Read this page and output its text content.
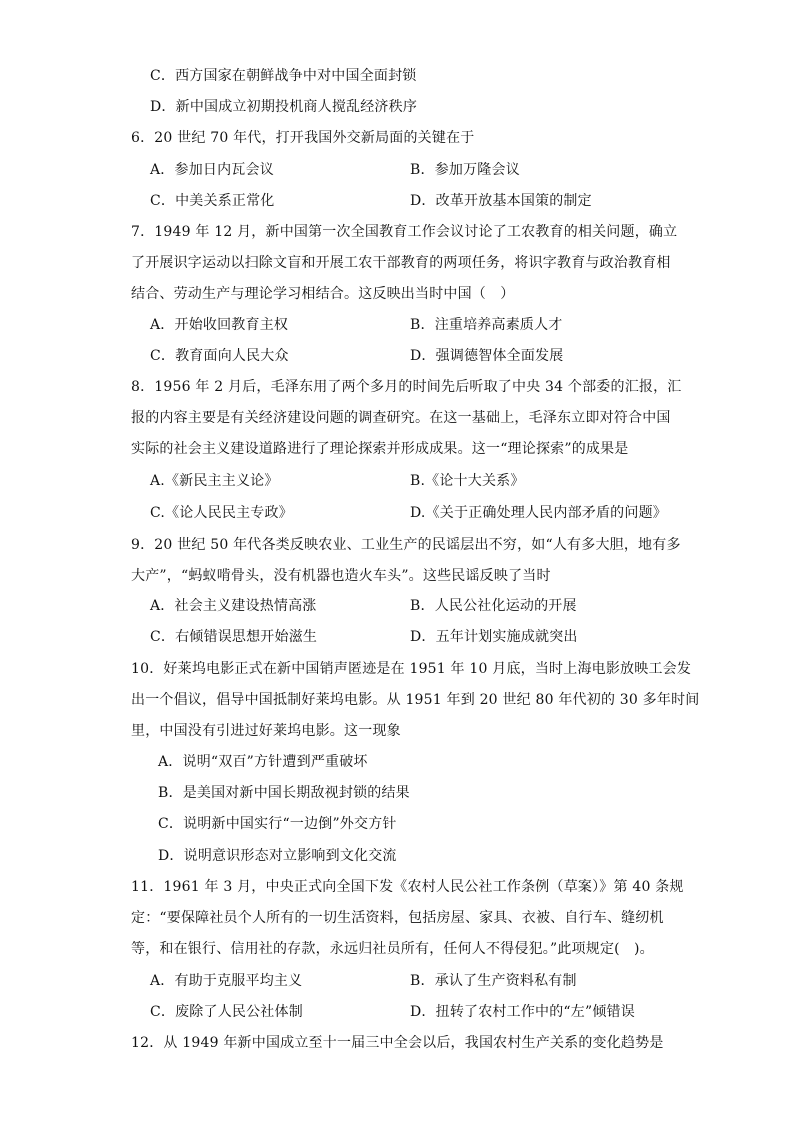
C．西方国家在朝鲜战争中对中国全面封锁
D．新中国成立初期投机商人搅乱经济秩序
6．20 世纪 70 年代，打开我国外交新局面的关键在于
A．参加日内瓦会议	B．参加万隆会议
C．中美关系正常化	D．改革开放基本国策的制定
7．1949 年 12 月，新中国第一次全国教育工作会议讨论了工农教育的相关问题，确立
了开展识字运动以扫除文盲和开展工农干部教育的两项任务，将识字教育与政治教育相
结合、劳动生产与理论学习相结合。这反映出当时中国（　）
A．开始收回教育主权	B．注重培养高素质人才
C．教育面向人民大众	D．强调德智体全面发展
8．1956 年 2 月后，毛泽东用了两个多月的时间先后听取了中央 34 个部委的汇报，汇
报的内容主要是有关经济建设问题的调查研究。在这一基础上，毛泽东立即对符合中国
实际的社会主义建设道路进行了理论探索并形成成果。这一“理论探索”的成果是
A.《新民主主义论》	B.《论十大关系》
C.《论人民民主专政》	D.《关于正确处理人民内部矛盾的问题》
9．20 世纪 50 年代各类反映农业、工业生产的民谣层出不穷，如“人有多大胆，地有多
大产”，“蚂蚁啃骨头，没有机器也造火车头”。这些民谣反映了当时
A．社会主义建设热情高涨	B．人民公社化运动的开展
C．右倾错误思想开始滋生	D．五年计划实施成就突出
10．好莱坞电影正式在新中国销声匿迹是在 1951 年 10 月底，当时上海电影放映工会发
出一个倡议，倡导中国抵制好莱坞电影。从 1951 年到 20 世纪 80 年代初的 30 多年时间
里，中国没有引进过好莱坞电影。这一现象
A．说明“双百”方针遭到严重破坏
B．是美国对新中国长期敌视封锁的结果
C．说明新中国实行“一边倒”外交方针
D．说明意识形态对立影响到文化交流
11．1961 年 3 月，中央正式向全国下发《农村人民公社工作条例（草案）》第 40 条规
定：“要保障社员个人所有的一切生活资料，包括房屋、家具、衣被、自行车、缝纫机
等，和在银行、信用社的存款，永远归社员所有，任何人不得侵犯。”此项规定(　)。
A．有助于克服平均主义	B．承认了生产资料私有制
C．废除了人民公社体制	D．扭转了农村工作中的“左”倾错误
12．从 1949 年新中国成立至十一届三中全会以后，我国农村生产关系的变化趋势是
